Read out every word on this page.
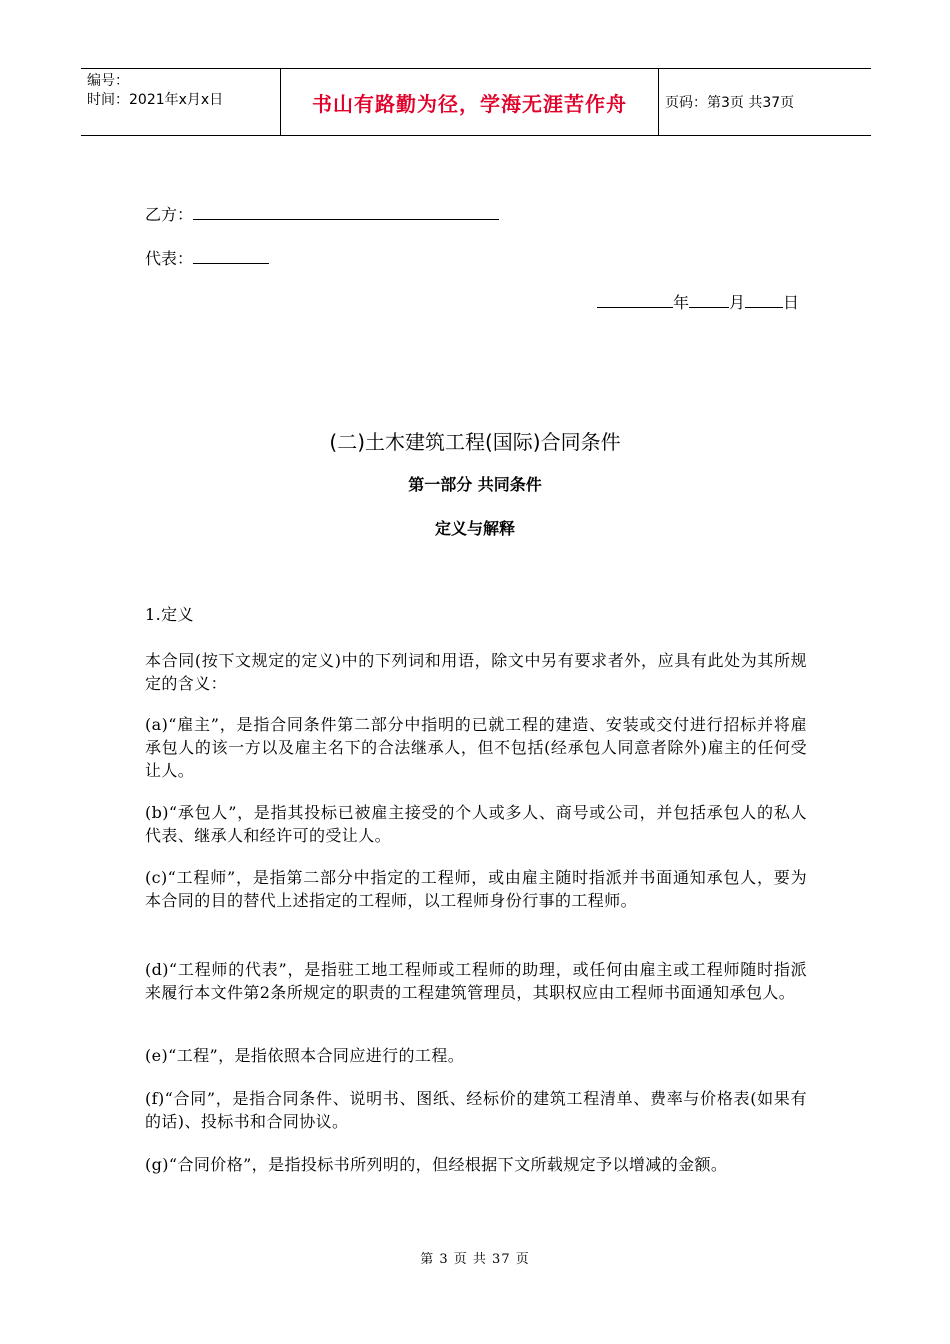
编号：
时间：2021年x月x日	书山有路勤为径，学海无涯苦作舟	页码：第3页 共37页
乙方：
代表：
年	月 日
(二)土木建筑工程(国际)合同条件
第一部分 共同条件
定义与解释
1.定义
本合同(按下文规定的定义)中的下列词和用语，除文中另有要求者外，应具有此处为其所规定的含义：
(a)“雇主”，是指合同条件第二部分中指明的已就工程的建造、安装或交付进行招标并将雇承包人的该一方以及雇主名下的合法继承人，但不包括(经承包人同意者除外)雇主的任何受让人。
(b)“承包人”，是指其投标已被雇主接受的个人或多人、商号或公司，并包括承包人的私人代表、继承人和经许可的受让人。
(c)“工程师”，是指第二部分中指定的工程师，或由雇主随时指派并书面通知承包人，要为本合同的目的替代上述指定的工程师，以工程师身份行事的工程师。
(d)“工程师的代表”，是指驻工地工程师或工程师的助理，或任何由雇主或工程师随时指派来履行本文件第2条所规定的职责的工程建筑管理员，其职权应由工程师书面通知承包人。
(e)“工程”，是指依照本合同应进行的工程。
(f)“合同”，是指合同条件、说明书、图纸、经标价的建筑工程清单、费率与价格表(如果有的话)、投标书和合同协议。
(g)“合同价格”，是指投标书所列明的，但经根据下文所载规定予以增减的金额。
第 3 页 共 37 页
